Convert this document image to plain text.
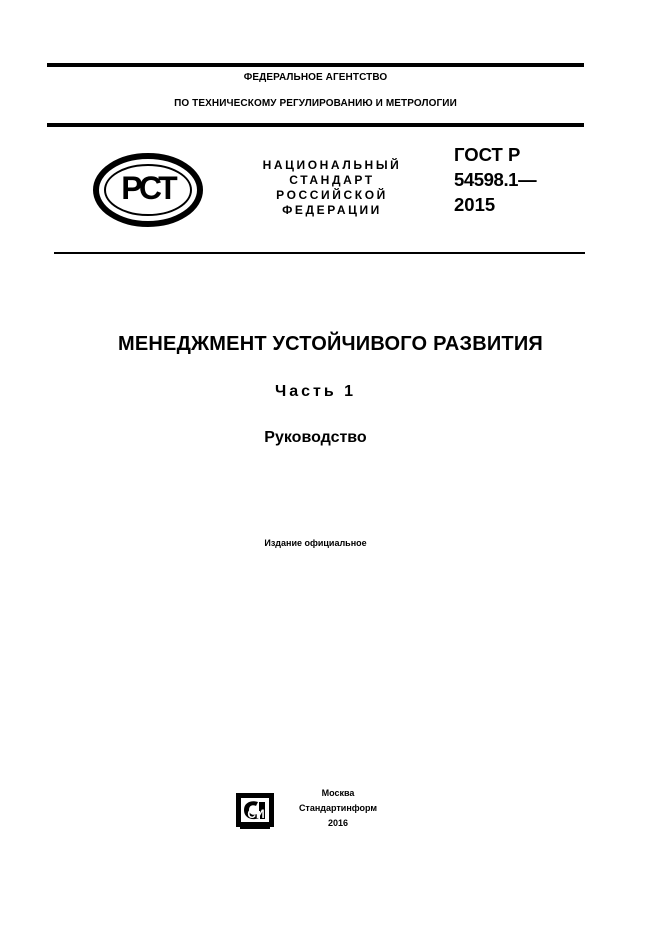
ФЕДЕРАЛЬНОЕ АГЕНТСТВО
ПО ТЕХНИЧЕСКОМУ РЕГУЛИРОВАНИЮ И МЕТРОЛОГИИ
РСТ
НАЦИОНАЛЬНЫЙ
СТАНДАРТ
РОССИЙСКОЙ
ФЕДЕРАЦИИ
ГОСТ Р
54598.1—
2015
МЕНЕДЖМЕНТ УСТОЙЧИВОГО РАЗВИТИЯ
Часть 1
Руководство
Издание официальное
СИ
Москва
Стандартинформ
2016
